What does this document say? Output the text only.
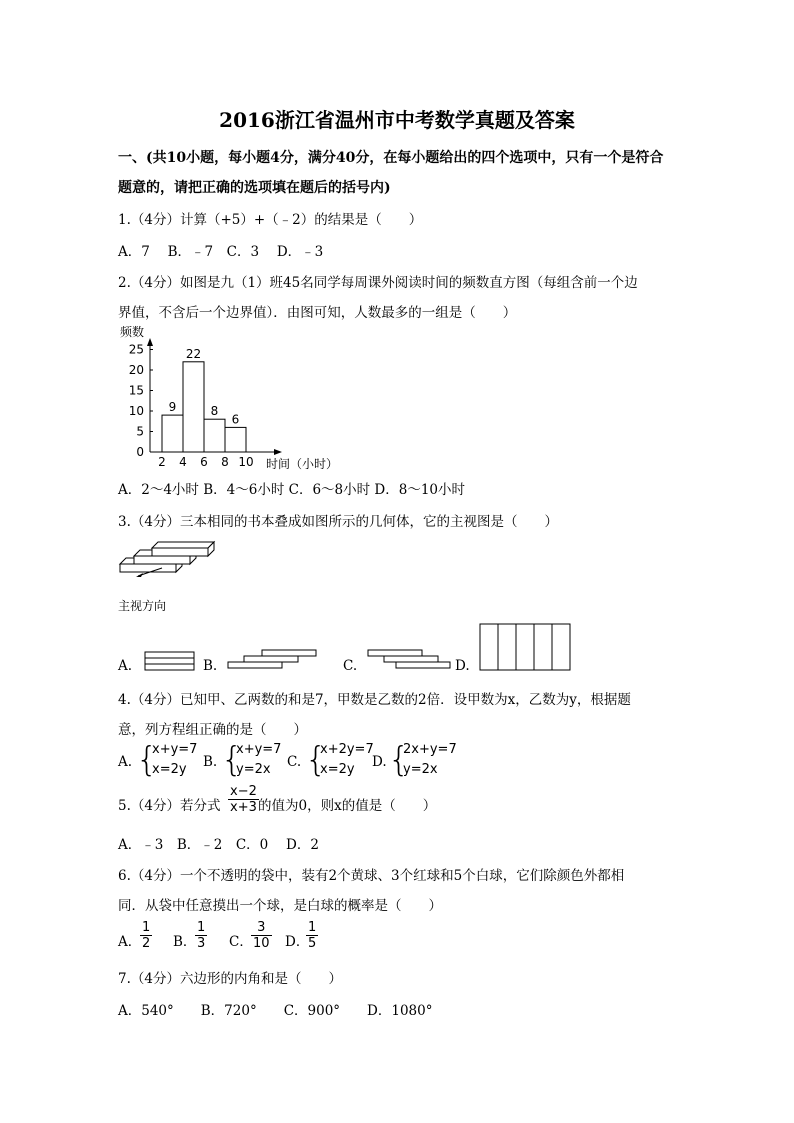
2016浙江省温州市中考数学真题及答案
一、(共10小题，每小题4分，满分40分，在每小题给出的四个选项中，只有一个是符合
题意的，请把正确的选项填在题后的括号内)
1.（4分）计算（+5）+（﹣2）的结果是（　　）
A．7　 B．﹣7　C．3　 D．﹣3
2.（4分）如图是九（1）班45名同学每周课外阅读时间的频数直方图（每组含前一个边
界值，不含后一个边界值）．由图可知，人数最多的一组是（　　）
频数
时间（小时）
0
5
10
15
20
25
2 4 6 8 10
9
22
8
6
A．2～4小时 B．4～6小时 C．6～8小时 D．8～10小时
3.（4分）三本相同的书本叠成如图所示的几何体，它的主视图是（　　）
主视方向
A.	B.	C.	D.
4.（4分）已知甲、乙两数的和是7，甲数是乙数的2倍．设甲数为x，乙数为y，根据题
意，列方程组正确的是（　　）
A. {
x+y=7
x=2y	B. {
x+y=7
y=2x	C. {
x+2y=7
x=2y	D. {
2x+y=7
y=2x
5.（4分）若分式 $\frac{x-2}{x+3}$ 的值为0，则x的值是（　　）
A．﹣3　B．﹣2　C．0　 D．2
6.（4分）一个不透明的袋中，装有2个黄球、3个红球和5个白球，它们除颜色外都相
同．从袋中任意摸出一个球，是白球的概率是（　　）
A．
$\frac{1}{2}$ B．
$\frac{1}{3}$ C．
$\frac{3}{10}$ D．
$\frac{1}{5}$
7.（4分）六边形的内角和是（　　）
A．540°　　B．720°　　C．900°　　D．1080°
